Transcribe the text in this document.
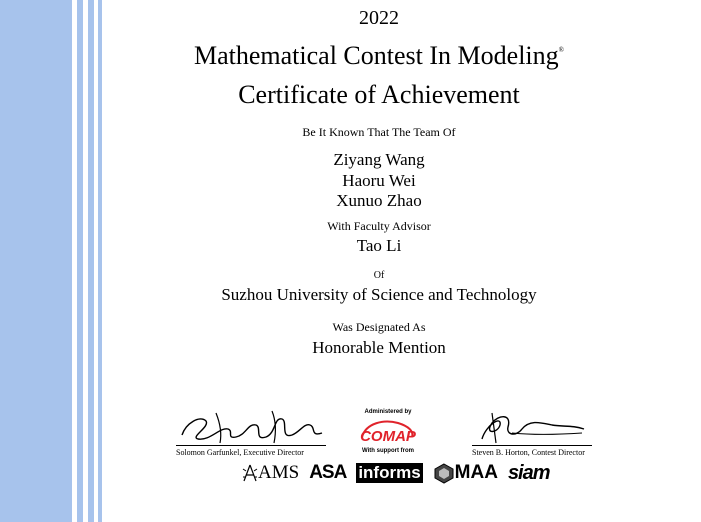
2022
Mathematical Contest In Modeling®
Certificate of Achievement
Be It Known That The Team Of
Ziyang Wang
Haoru Wei
Xunuo Zhao
With Faculty Advisor
Tao Li
Of
Suzhou University of Science and Technology
Was Designated As
Honorable Mention
Solomon Garfunkel, Executive Director
Administered by
COMAP
With support from	Steven B. Horton, Contest Director
AMS ASA informs MAA siam
